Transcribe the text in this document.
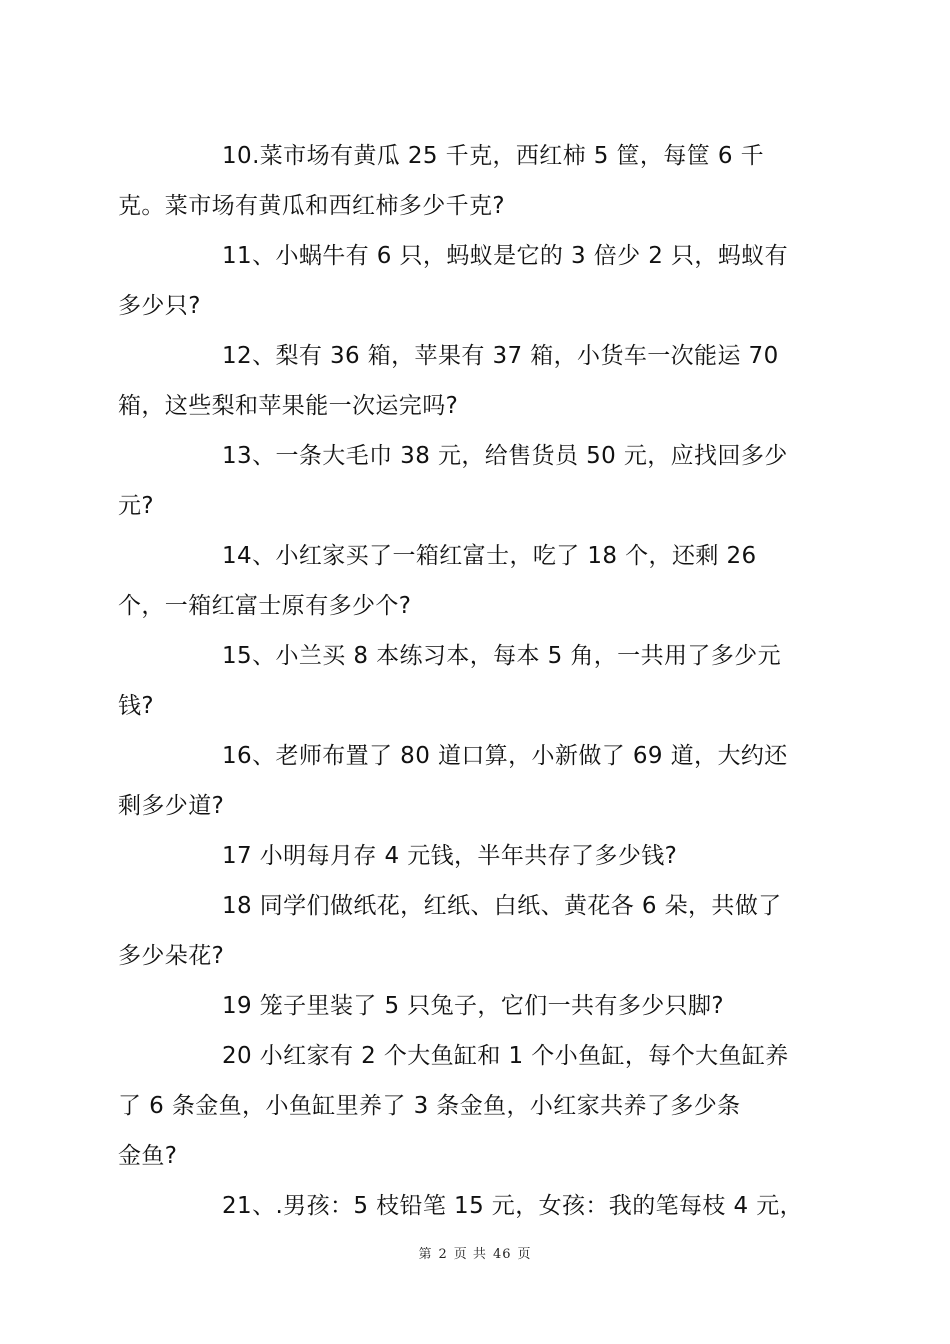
10.菜市场有黄瓜 25 千克，西红柿 5 筐，每筐 6 千
克。菜市场有黄瓜和西红柿多少千克?

11、小蜗牛有 6 只，蚂蚁是它的 3 倍少 2 只，蚂蚁有
多少只?

12、梨有 36 箱，苹果有 37 箱，小货车一次能运 70
箱，这些梨和苹果能一次运完吗?

13、一条大毛巾 38 元，给售货员 50 元，应找回多少
元?

14、小红家买了一箱红富士，吃了 18 个，还剩 26
个，一箱红富士原有多少个?

15、小兰买 8 本练习本，每本 5 角，一共用了多少元
钱?

16、老师布置了 80 道口算，小新做了 69 道，大约还
剩多少道?

17 小明每月存 4 元钱，半年共存了多少钱?

18 同学们做纸花，红纸、白纸、黄花各 6 朵，共做了
多少朵花?

19 笼子里装了 5 只兔子，它们一共有多少只脚?

20 小红家有 2 个大鱼缸和 1 个小鱼缸，每个大鱼缸养
了 6 条金鱼，小鱼缸里养了 3 条金鱼，小红家共养了多少条
金鱼?

21、.男孩：5 枝铅笔 15 元，女孩：我的笔每枝 4 元，

第 2 页 共 46 页
